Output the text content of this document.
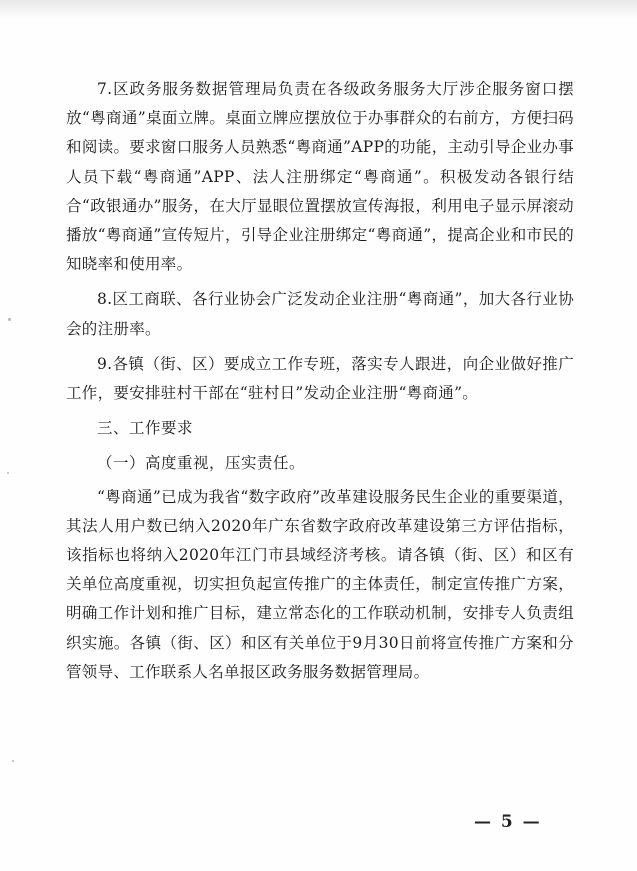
7.区政务服务数据管理局负责在各级政务服务大厅涉企服务窗口摆放“粤商通”桌面立牌。桌面立牌应摆放位于办事群众的右前方，方便扫码和阅读。要求窗口服务人员熟悉“粤商通”APP的功能，主动引导企业办事人员下载“粤商通”APP、法人注册绑定“粤商通”。积极发动各银行结合“政银通办”服务，在大厅显眼位置摆放宣传海报，利用电子显示屏滚动播放“粤商通”宣传短片，引导企业注册绑定“粤商通”，提高企业和市民的知晓率和使用率。

8.区工商联、各行业协会广泛发动企业注册“粤商通”，加大各行业协会的注册率。

9.各镇（街、区）要成立工作专班，落实专人跟进，向企业做好推广工作，要安排驻村干部在“驻村日”发动企业注册“粤商通”。

三、工作要求

（一）高度重视，压实责任。

“粤商通”已成为我省“数字政府”改革建设服务民生企业的重要渠道，其法人用户数已纳入2020年广东省数字政府改革建设第三方评估指标，该指标也将纳入2020年江门市县域经济考核。请各镇（街、区）和区有关单位高度重视，切实担负起宣传推广的主体责任，制定宣传推广方案，明确工作计划和推广目标，建立常态化的工作联动机制，安排专人负责组织实施。各镇（街、区）和区有关单位于9月30日前将宣传推广方案和分管领导、工作联系人名单报区政务服务数据管理局。

— 5 —
